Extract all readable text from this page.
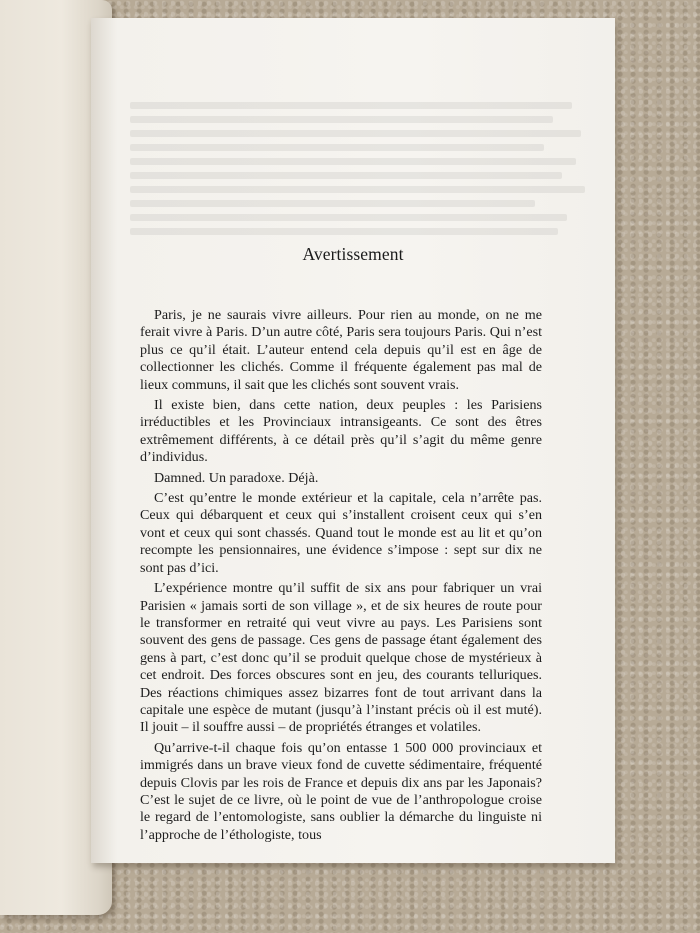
Avertissement

Paris, je ne saurais vivre ailleurs. Pour rien au monde, on ne me ferait vivre à Paris. D’un autre côté, Paris sera toujours Paris. Qui n’est plus ce qu’il était. L’auteur entend cela depuis qu’il est en âge de collectionner les clichés. Comme il fréquente également pas mal de lieux communs, il sait que les clichés sont souvent vrais.

Il existe bien, dans cette nation, deux peuples : les Parisiens irréductibles et les Provinciaux intransigeants. Ce sont des êtres extrêmement différents, à ce détail près qu’il s’agit du même genre d’individus.

Damned. Un paradoxe. Déjà.

C’est qu’entre le monde extérieur et la capitale, cela n’arrête pas. Ceux qui débarquent et ceux qui s’installent croisent ceux qui s’en vont et ceux qui sont chassés. Quand tout le monde est au lit et qu’on recompte les pensionnaires, une évidence s’impose : sept sur dix ne sont pas d’ici.

L’expérience montre qu’il suffit de six ans pour fabriquer un vrai Parisien « jamais sorti de son village », et de six heures de route pour le transformer en retraité qui veut vivre au pays. Les Parisiens sont souvent des gens de passage. Ces gens de passage étant également des gens à part, c’est donc qu’il se produit quelque chose de mystérieux à cet endroit. Des forces obscures sont en jeu, des courants telluriques. Des réactions chimiques assez bizarres font de tout arrivant dans la capitale une espèce de mutant (jusqu’à l’instant précis où il est muté). Il jouit – il souffre aussi – de propriétés étranges et volatiles.

Qu’arrive-t-il chaque fois qu’on entasse 1 500 000 provinciaux et immigrés dans un brave vieux fond de cuvette sédimentaire, fréquenté depuis Clovis par les rois de France et depuis dix ans par les Japonais? C’est le sujet de ce livre, où le point de vue de l’anthropologue croise le regard de l’entomologiste, sans oublier la démarche du linguiste ni l’approche de l’éthologiste, tous
